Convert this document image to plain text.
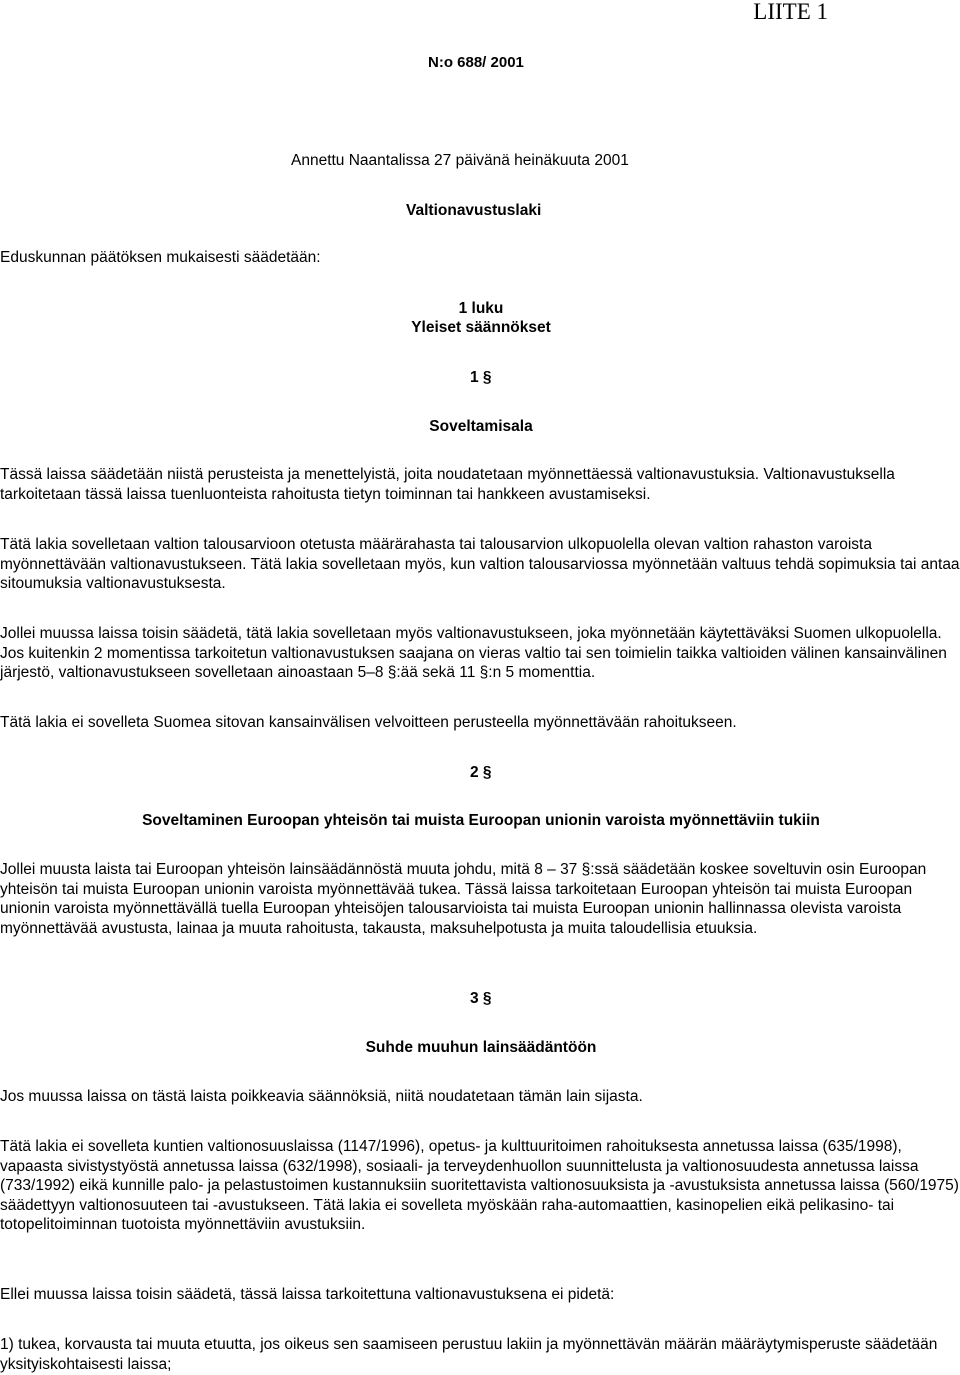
LIITE 1

N:o 688/ 2001

Annettu Naantalissa 27 päivänä heinäkuuta 2001

Valtionavustuslaki

Eduskunnan päätöksen mukaisesti säädetään:

1 luku

Yleiset säännökset

1 §

Soveltamisala

Tässä laissa säädetään niistä perusteista ja menettelyistä, joita noudatetaan myönnettäessä valtionavustuksia. Valtionavustuksella tarkoitetaan tässä laissa tuenluonteista rahoitusta tietyn toiminnan tai hankkeen avustamiseksi.

Tätä lakia sovelletaan valtion talousarvioon otetusta määrärahasta tai talousarvion ulkopuolella olevan valtion rahaston varoista myönnettävään valtionavustukseen. Tätä lakia sovelletaan myös, kun valtion talousarviossa myönnetään valtuus tehdä sopimuksia tai antaa sitoumuksia valtionavustuksesta.

Jollei muussa laissa toisin säädetä, tätä lakia sovelletaan myös valtionavustukseen, joka myönnetään käytettäväksi Suomen ulkopuolella. Jos kuitenkin 2 momentissa tarkoitetun valtionavustuksen saajana on vieras valtio tai sen toimielin taikka valtioiden välinen kansainvälinen järjestö, valtionavustukseen sovelletaan ainoastaan 5–8 §:ää sekä 11 §:n 5 momenttia.

Tätä lakia ei sovelleta Suomea sitovan kansainvälisen velvoitteen perusteella myönnettävään rahoitukseen.

2 §

Soveltaminen Euroopan yhteisön tai muista Euroopan unionin varoista myönnettäviin tukiin

Jollei muusta laista tai Euroopan yhteisön lainsäädännöstä muuta johdu, mitä 8 – 37 §:ssä säädetään koskee soveltuvin osin Euroopan yhteisön tai muista Euroopan unionin varoista myönnettävää tukea. Tässä laissa tarkoitetaan Euroopan yhteisön tai muista Euroopan unionin varoista myönnettävällä tuella Euroopan yhteisöjen talousarvioista tai muista Euroopan unionin hallinnassa olevista varoista myönnettävää avustusta, lainaa ja muuta rahoitusta, takausta, maksuhelpotusta ja muita taloudellisia etuuksia.

3 §

Suhde muuhun lainsäädäntöön

Jos muussa laissa on tästä laista poikkeavia säännöksiä, niitä noudatetaan tämän lain sijasta.

Tätä lakia ei sovelleta kuntien valtionosuuslaissa (1147/1996), opetus- ja kulttuuritoimen rahoituksesta annetussa laissa (635/1998), vapaasta sivistystyöstä annetussa laissa (632/1998), sosiaali- ja terveydenhuollon suunnittelusta ja valtionosuudesta annetussa laissa (733/1992) eikä kunnille palo- ja pelastustoimen kustannuksiin suoritettavista valtionosuuksista ja -avustuksista annetussa laissa (560/1975) säädettyyn valtionosuuteen tai -avustukseen. Tätä lakia ei sovelleta myöskään raha-automaattien, kasinopelien eikä pelikasino- tai totopelitoiminnan tuotoista myönnettäviin avustuksiin.

Ellei muussa laissa toisin säädetä, tässä laissa tarkoitettuna valtionavustuksena ei pidetä:

1) tukea, korvausta tai muuta etuutta, jos oikeus sen saamiseen perustuu lakiin ja myönnettävän määrän määräytymisperuste säädetään yksityiskohtaisesti laissa;
